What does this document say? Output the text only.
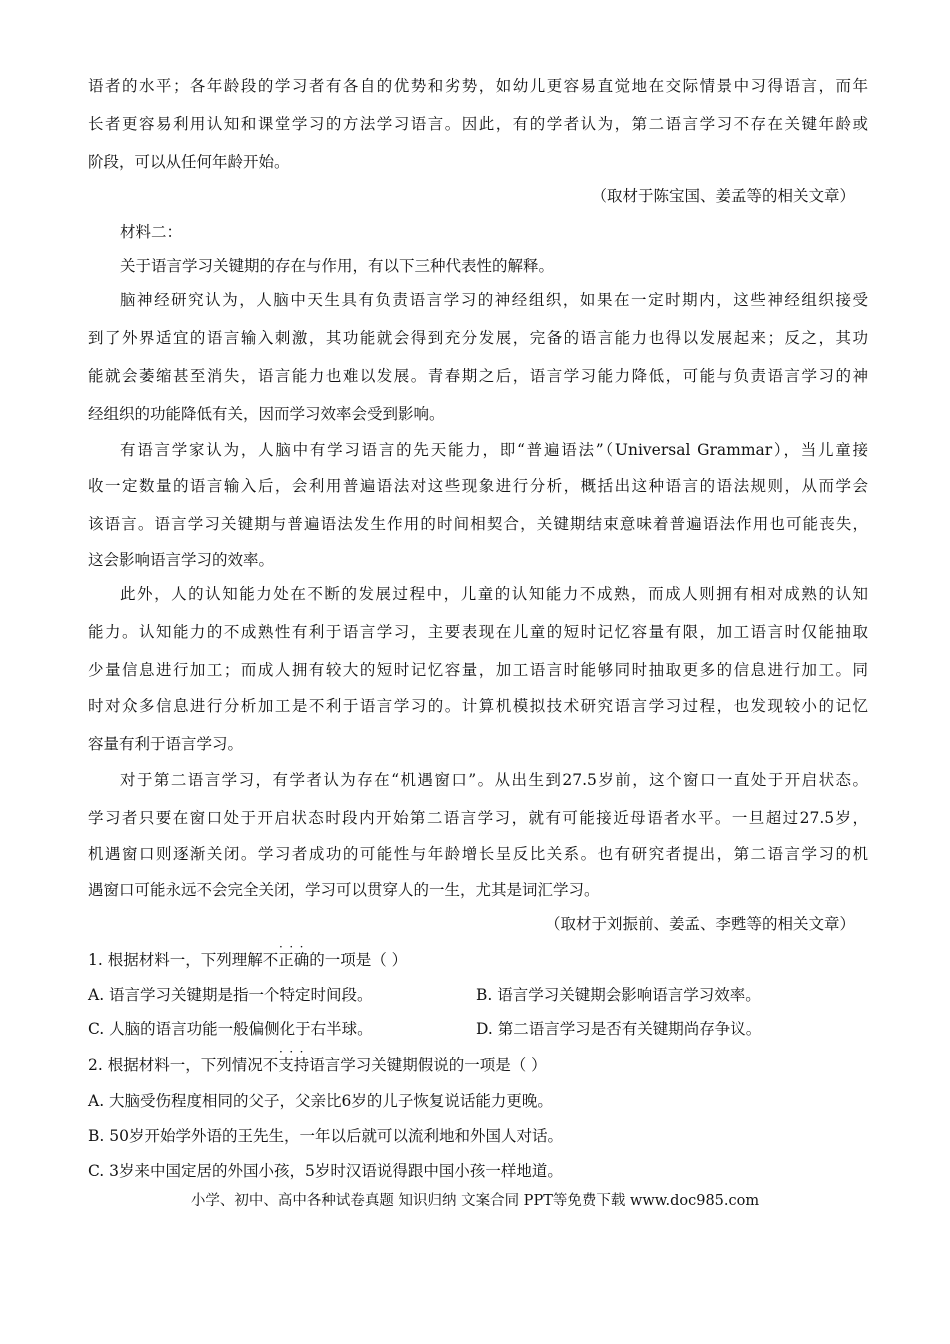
语者的水平；各年龄段的学习者有各自的优势和劣势，如幼儿更容易直觉地在交际情景中习得语言，而年
长者更容易利用认知和课堂学习的方法学习语言。因此，有的学者认为，第二语言学习不存在关键年龄或
阶段，可以从任何年龄开始。
（取材于陈宝国、姜孟等的相关文章）
材料二：
关于语言学习关键期的存在与作用，有以下三种代表性的解释。
脑神经研究认为，人脑中天生具有负责语言学习的神经组织，如果在一定时期内，这些神经组织接受
到了外界适宜的语言输入刺激，其功能就会得到充分发展，完备的语言能力也得以发展起来；反之，其功
能就会萎缩甚至消失，语言能力也难以发展。青春期之后，语言学习能力降低，可能与负责语言学习的神
经组织的功能降低有关，因而学习效率会受到影响。
有语言学家认为，人脑中有学习语言的先天能力，即“普遍语法”（Universal Grammar），当儿童接
收一定数量的语言输入后，会利用普遍语法对这些现象进行分析，概括出这种语言的语法规则，从而学会
该语言。语言学习关键期与普遍语法发生作用的时间相契合，关键期结束意味着普遍语法作用也可能丧失，
这会影响语言学习的效率。
此外，人的认知能力处在不断的发展过程中，儿童的认知能力不成熟，而成人则拥有相对成熟的认知
能力。认知能力的不成熟性有利于语言学习，主要表现在儿童的短时记忆容量有限，加工语言时仅能抽取
少量信息进行加工；而成人拥有较大的短时记忆容量，加工语言时能够同时抽取更多的信息进行加工。同
时对众多信息进行分析加工是不利于语言学习的。计算机模拟技术研究语言学习过程，也发现较小的记忆
容量有利于语言学习。
对于第二语言学习，有学者认为存在“机遇窗口”。从出生到27.5岁前，这个窗口一直处于开启状态。
学习者只要在窗口处于开启状态时段内开始第二语言学习，就有可能接近母语者水平。一旦超过27.5岁，
机遇窗口则逐渐关闭。学习者成功的可能性与年龄增长呈反比关系。也有研究者提出，第二语言学习的机
遇窗口可能永远不会完全关闭，学习可以贯穿人的一生，尤其是词汇学习。
（取材于刘振前、姜孟、李甦等的相关文章）
···
1. 根据材料一，下列理解不正确的一项是（ ）
A. 语言学习关键期是指一个特定时间段。	B. 语言学习关键期会影响语言学习效率。
C. 人脑的语言功能一般偏侧化于右半球。	D. 第二语言学习是否有关键期尚存争议。
···
2. 根据材料一，下列情况不支持语言学习关键期假说的一项是（ ）
A. 大脑受伤程度相同的父子，父亲比6岁的儿子恢复说话能力更晚。
B. 50岁开始学外语的王先生，一年以后就可以流利地和外国人对话。
C. 3岁来中国定居的外国小孩，5岁时汉语说得跟中国小孩一样地道。
小学、初中、高中各种试卷真题 知识归纳 文案合同 PPT等免费下载 www.doc985.com
